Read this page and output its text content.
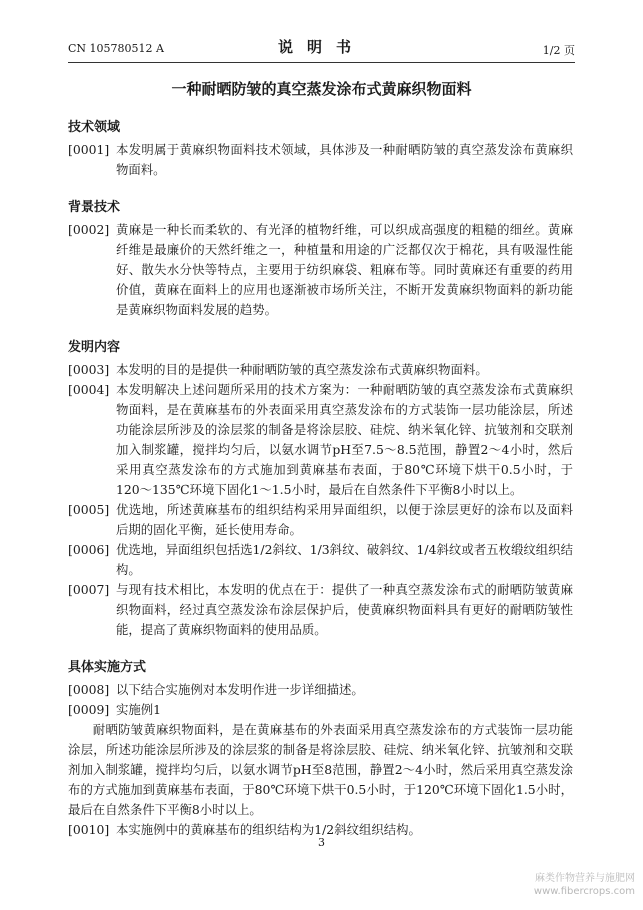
CN 105780512 A	说明书	1/2 页
一种耐晒防皱的真空蒸发涂布式黄麻织物面料
技术领域
[0001] 本发明属于黄麻织物面料技术领域，具体涉及一种耐晒防皱的真空蒸发涂布黄麻织物面料。
背景技术
[0002] 黄麻是一种长而柔软的、有光泽的植物纤维，可以织成高强度的粗糙的细丝。黄麻纤维是最廉价的天然纤维之一，种植量和用途的广泛都仅次于棉花，具有吸湿性能好、散失水分快等特点，主要用于纺织麻袋、粗麻布等。同时黄麻还有重要的药用价值，黄麻在面料上的应用也逐渐被市场所关注，不断开发黄麻织物面料的新功能是黄麻织物面料发展的趋势。
发明内容
[0003] 本发明的目的是提供一种耐晒防皱的真空蒸发涂布式黄麻织物面料。
[0004] 本发明解决上述问题所采用的技术方案为：一种耐晒防皱的真空蒸发涂布式黄麻织物面料，是在黄麻基布的外表面采用真空蒸发涂布的方式装饰一层功能涂层，所述功能涂层所涉及的涂层浆的制备是将涂层胶、硅烷、纳米氧化锌、抗皱剂和交联剂加入制浆罐，搅拌均匀后，以氨水调节pH至7.5～8.5范围，静置2～4小时，然后采用真空蒸发涂布的方式施加到黄麻基布表面，于80℃环境下烘干0.5小时，于120～135℃环境下固化1～1.5小时，最后在自然条件下平衡8小时以上。
[0005] 优选地，所述黄麻基布的组织结构采用异面组织，以便于涂层更好的涂布以及面料后期的固化平衡，延长使用寿命。
[0006] 优选地，异面组织包括选1/2斜纹、1/3斜纹、破斜纹、1/4斜纹或者五枚缎纹组织结构。
[0007] 与现有技术相比，本发明的优点在于：提供了一种真空蒸发涂布式的耐晒防皱黄麻织物面料，经过真空蒸发涂布涂层保护后，使黄麻织物面料具有更好的耐晒防皱性能，提高了黄麻织物面料的使用品质。
具体实施方式
[0008] 以下结合实施例对本发明作进一步详细描述。
[0009] 实施例1
耐晒防皱黄麻织物面料，是在黄麻基布的外表面采用真空蒸发涂布的方式装饰一层功能涂层，所述功能涂层所涉及的涂层浆的制备是将涂层胶、硅烷、纳米氧化锌、抗皱剂和交联剂加入制浆罐，搅拌均匀后，以氨水调节pH至8范围，静置2～4小时，然后采用真空蒸发涂布的方式施加到黄麻基布表面，于80℃环境下烘干0.5小时，于120℃环境下固化1.5小时，最后在自然条件下平衡8小时以上。
[0010] 本实施例中的黄麻基布的组织结构为1/2斜纹组织结构。
3
麻类作物营养与施肥网
www.fibercrops.com
